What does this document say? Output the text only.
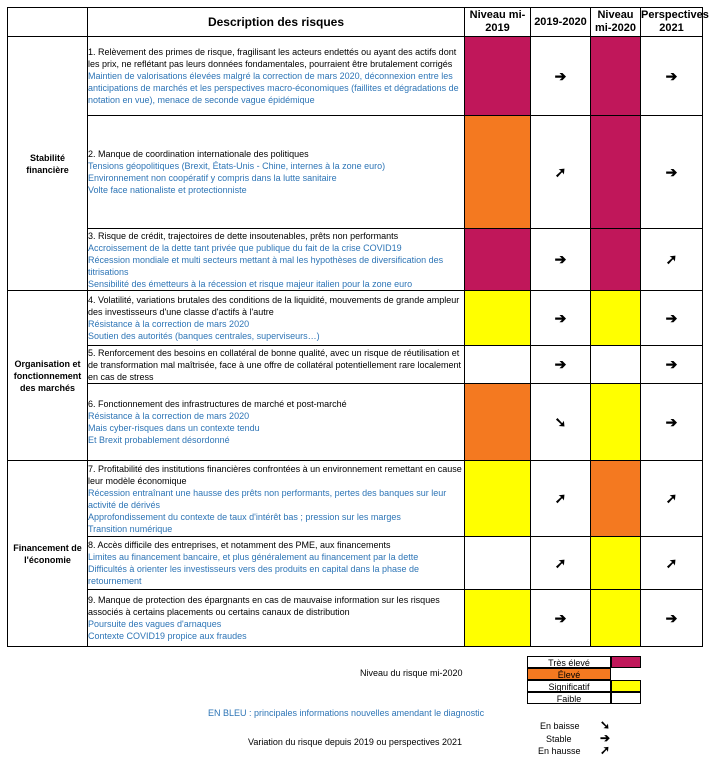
	Description des risques	Niveau mi-2019	2019-2020	Niveau mi-2020	Perspectives 2021
Stabilité financière	1. Relèvement des primes de risque, fragilisant les acteurs endettés ou ayant des actifs dont les prix, ne reflétant pas leurs données fondamentales, pourraient être brutalement corrigés
Maintien de valorisations élevées malgré la correction de mars 2020, déconnexion entre les anticipations de marchés et les perspectives macro-économiques (faillites et dégradations de notation en vue), menace de seconde vague épidémique		➔		➔

	2. Manque de coordination internationale des politiques
Tensions géopolitiques (Brexit, États-Unis - Chine, internes à la zone euro)
Environnement non coopératif y compris dans la lutte sanitaire
Volte face nationaliste et protectionniste		➚		➔

	3. Risque de crédit, trajectoires de dette insoutenables, prêts non performants
Accroissement de la dette tant privée que publique du fait de la crise COVID19
Récession mondiale et multi secteurs mettant à mal les hypothèses de diversification des titrisations
Sensibilité des émetteurs à la récession et risque majeur italien pour la zone euro		➔		➚
Organisation et fonctionnement des marchés	4. Volatilité, variations brutales des conditions de la liquidité, mouvements de grande ampleur des investisseurs d'une classe d'actifs à l'autre
Résistance à la correction de mars 2020
Soutien des autorités (banques centrales, superviseurs…)		➔		➔

	5. Renforcement des besoins en collatéral de bonne qualité, avec un risque de réutilisation et de transformation mal maîtrisée, face à une offre de collatéral potentiellement rare localement en cas de stress		➔		➔

	6. Fonctionnement des infrastructures de marché et post-marché
Résistance à la correction de mars 2020
Mais cyber-risques dans un contexte tendu
Et Brexit probablement désordonné		➘		➔
Financement de l'économie	7. Profitabilité des institutions financières confrontées à un environnement remettant en cause leur modèle économique
Récession entraînant une hausse des prêts non performants, pertes des banques sur leur activité de dérivés
Approfondissement du contexte de taux d'intérêt bas ; pression sur les marges
Transition numérique		➚		➚

	8. Accès difficile des entreprises, et notamment des PME, aux financements
Limites au financement bancaire, et plus généralement au financement par la dette
Difficultés à orienter les investisseurs vers des produits en capital dans la phase de retournement		➚		➚

	9. Manque de protection des épargnants en cas de mauvaise information sur les risques associés à certains placements ou certains canaux de distribution
Poursuite des vagues d'arnaques
Contexte COVID19 propice aux fraudes		➔		➔
Niveau du risque mi-2020
Très élevé
Élevé
Significatif
Faible
EN BLEU : principales informations nouvelles amendant le diagnostic
Variation du risque depuis 2019 ou perspectives 2021
En baisse
Stable
En hausse
➘
➔
➚
